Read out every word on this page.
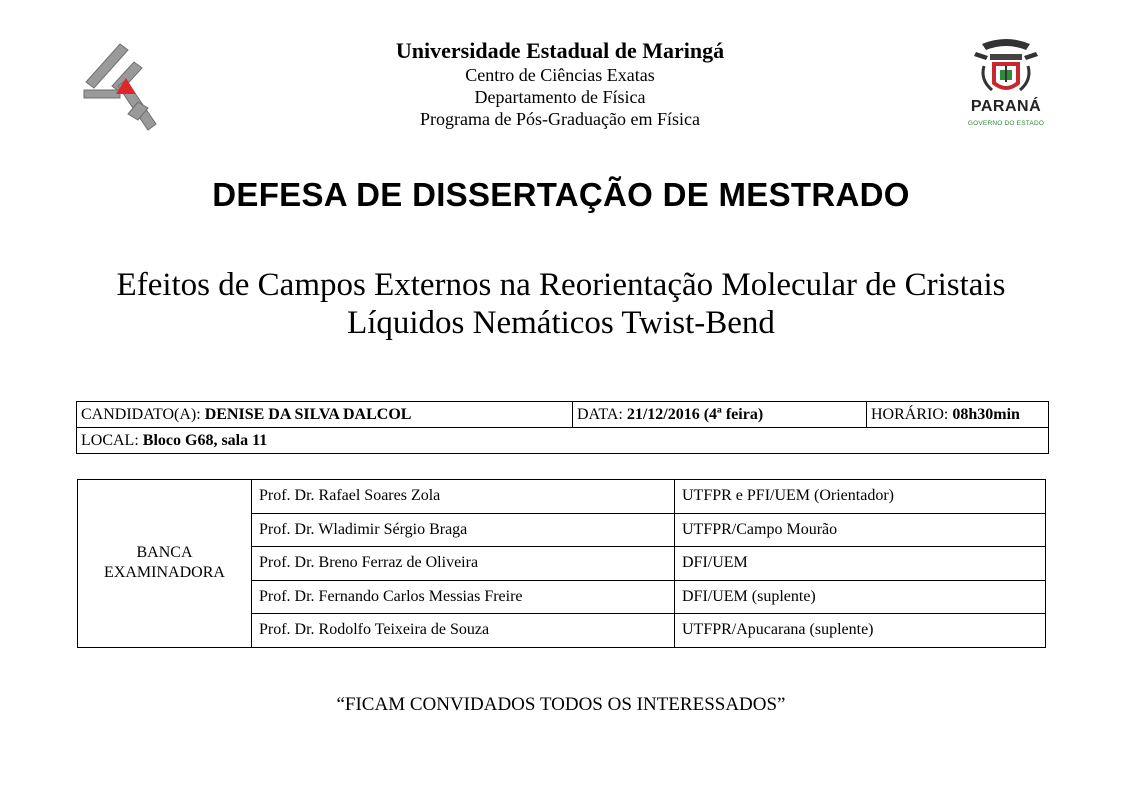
Universidade Estadual de Maringá
Centro de Ciências Exatas
Departamento de Física
Programa de Pós-Graduação em Física
PARANÁ
GOVERNO DO ESTADO
DEFESA DE DISSERTAÇÃO DE MESTRADO
Efeitos de Campos Externos na Reorientação Molecular de Cristais
Líquidos Nemáticos Twist-Bend
CANDIDATO(A): DENISE DA SILVA DALCOL	DATA: 21/12/2016 (4ª feira)	HORÁRIO: 08h30min
LOCAL: Bloco G68, sala 11
BANCA
EXAMINADORA	Prof. Dr. Rafael Soares Zola	UTFPR e PFI/UEM (Orientador)
	Prof. Dr. Wladimir Sérgio Braga	UTFPR/Campo Mourão
	Prof. Dr. Breno Ferraz de Oliveira	DFI/UEM
	Prof. Dr. Fernando Carlos Messias Freire	DFI/UEM (suplente)
	Prof. Dr. Rodolfo Teixeira de Souza	UTFPR/Apucarana (suplente)
“FICAM CONVIDADOS TODOS OS INTERESSADOS”
